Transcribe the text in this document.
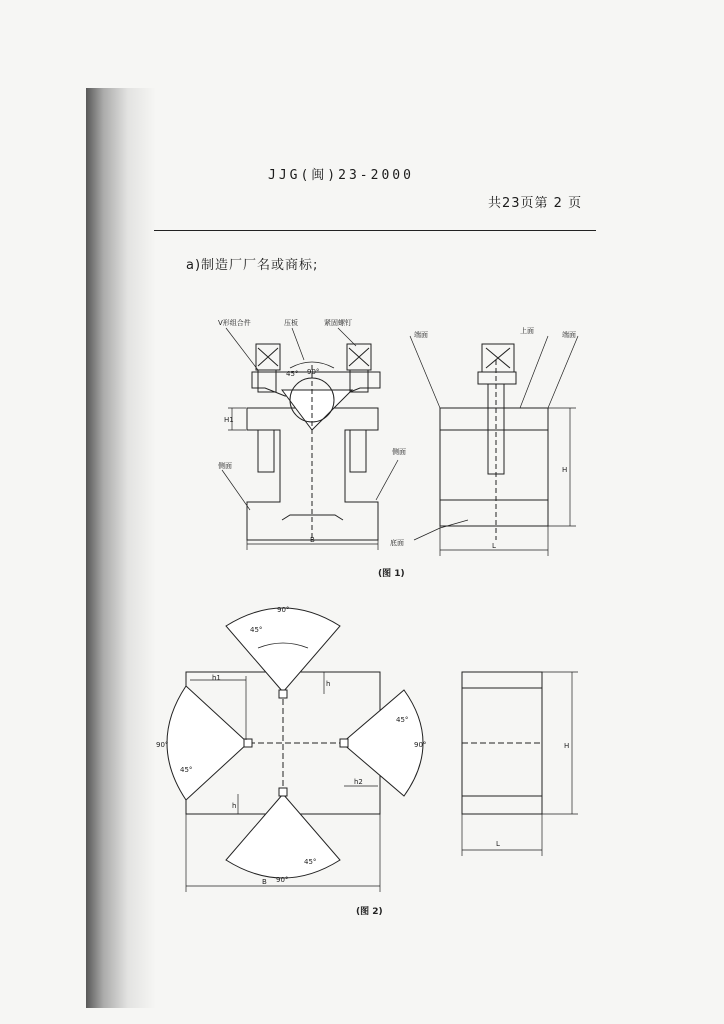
JJG(闽)23-2000
共23页第 2 页
a)制造厂厂名或商标;
V形组合件	压板	紧固螺钉
45° 90°
H1
侧面
侧面
B
端面	上面	端面
H
L
底面
(图 1)
90°
45°
h
h1
90°
45°
45°
90°
h2
h
45°
90°
B
H
L
(图 2)
